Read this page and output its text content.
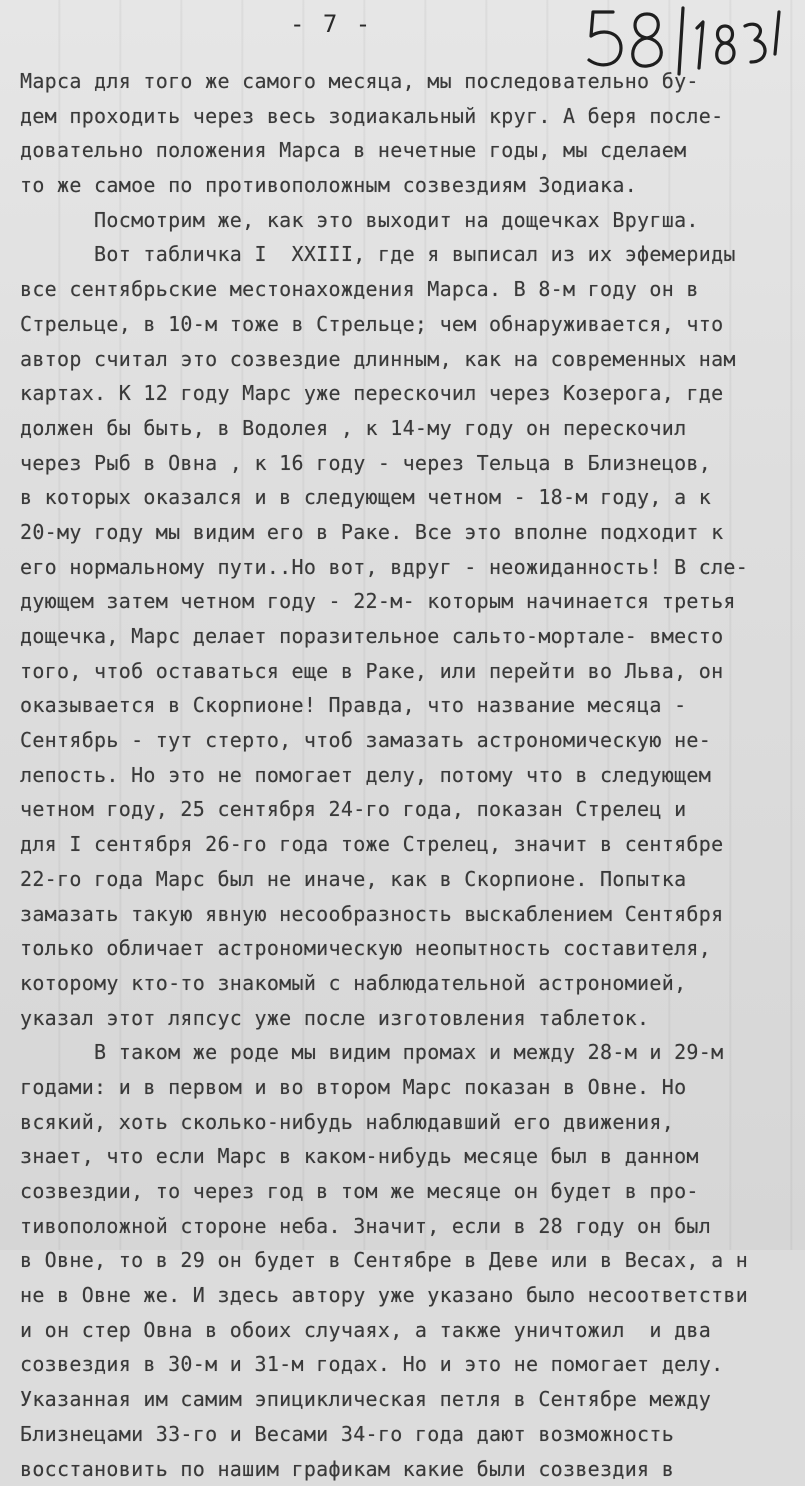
- 7 -
Марса для того же самого месяца, мы последовательно бу-
дем проходить через весь зодиакальный круг. А беря после-
довательно положения Марса в нечетные годы, мы сделаем
то же самое по противоположным созвездиям Зодиака.
Посмотрим же, как это выходит на дощечках Вругша.
Вот табличка I  XXIII, где я выписал из их эфемериды
все сентябрьские местонахождения Марса. В 8-м году он в
Стрельце, в 10-м тоже в Стрельце; чем обнаруживается, что
автор считал это созвездие длинным, как на современных нам
картах. К 12 году Марс уже перескочил через Козерога, где
должен бы быть, в Водолея , к 14-му году он перескочил
через Рыб в Овна , к 16 году - через Тельца в Близнецов,
в которых оказался и в следующем четном - 18-м году, а к
20-му году мы видим его в Раке. Все это вполне подходит к
его нормальному пути..Но вот, вдруг - неожиданность! В сле-
дующем затем четном году - 22-м- которым начинается третья
дощечка, Марс делает поразительное сальто-мортале- вместо
того, чтоб оставаться еще в Раке, или перейти во Льва, он
оказывается в Скорпионе! Правда, что название месяца -
Сентябрь - тут стерто, чтоб замазать астрономическую не-
лепость. Но это не помогает делу, потому что в следующем
четном году, 25 сентября 24-го года, показан Стрелец и
для I сентября 26-го года тоже Стрелец, значит в сентябре
22-го года Марс был не иначе, как в Скорпионе. Попытка
замазать такую явную несообразность выскаблением Сентября
только обличает астрономическую неопытность составителя,
которому кто-то знакомый с наблюдательной астрономией,
указал этот ляпсус уже после изготовления таблеток.
В таком же роде мы видим промах и между 28-м и 29-м
годами: и в первом и во втором Марс показан в Овне. Но
всякий, хоть сколько-нибудь наблюдавший его движения,
знает, что если Марс в каком-нибудь месяце был в данном
созвездии, то через год в том же месяце он будет в про-
тивоположной стороне неба. Значит, если в 28 году он был
в Овне, то в 29 он будет в Сентябре в Деве или в Весах, а н
не в Овне же. И здесь автору уже указано было несоответстви
и он стер Овна в обоих случаях, а также уничтожил  и два
созвездия в 30-м и 31-м годах. Но и это не помогает делу.
Указанная им самим эпициклическая петля в Сентябре между
Близнецами 33-го и Весами 34-го года дают возможность
восстановить по нашим графикам какие были созвездия в
